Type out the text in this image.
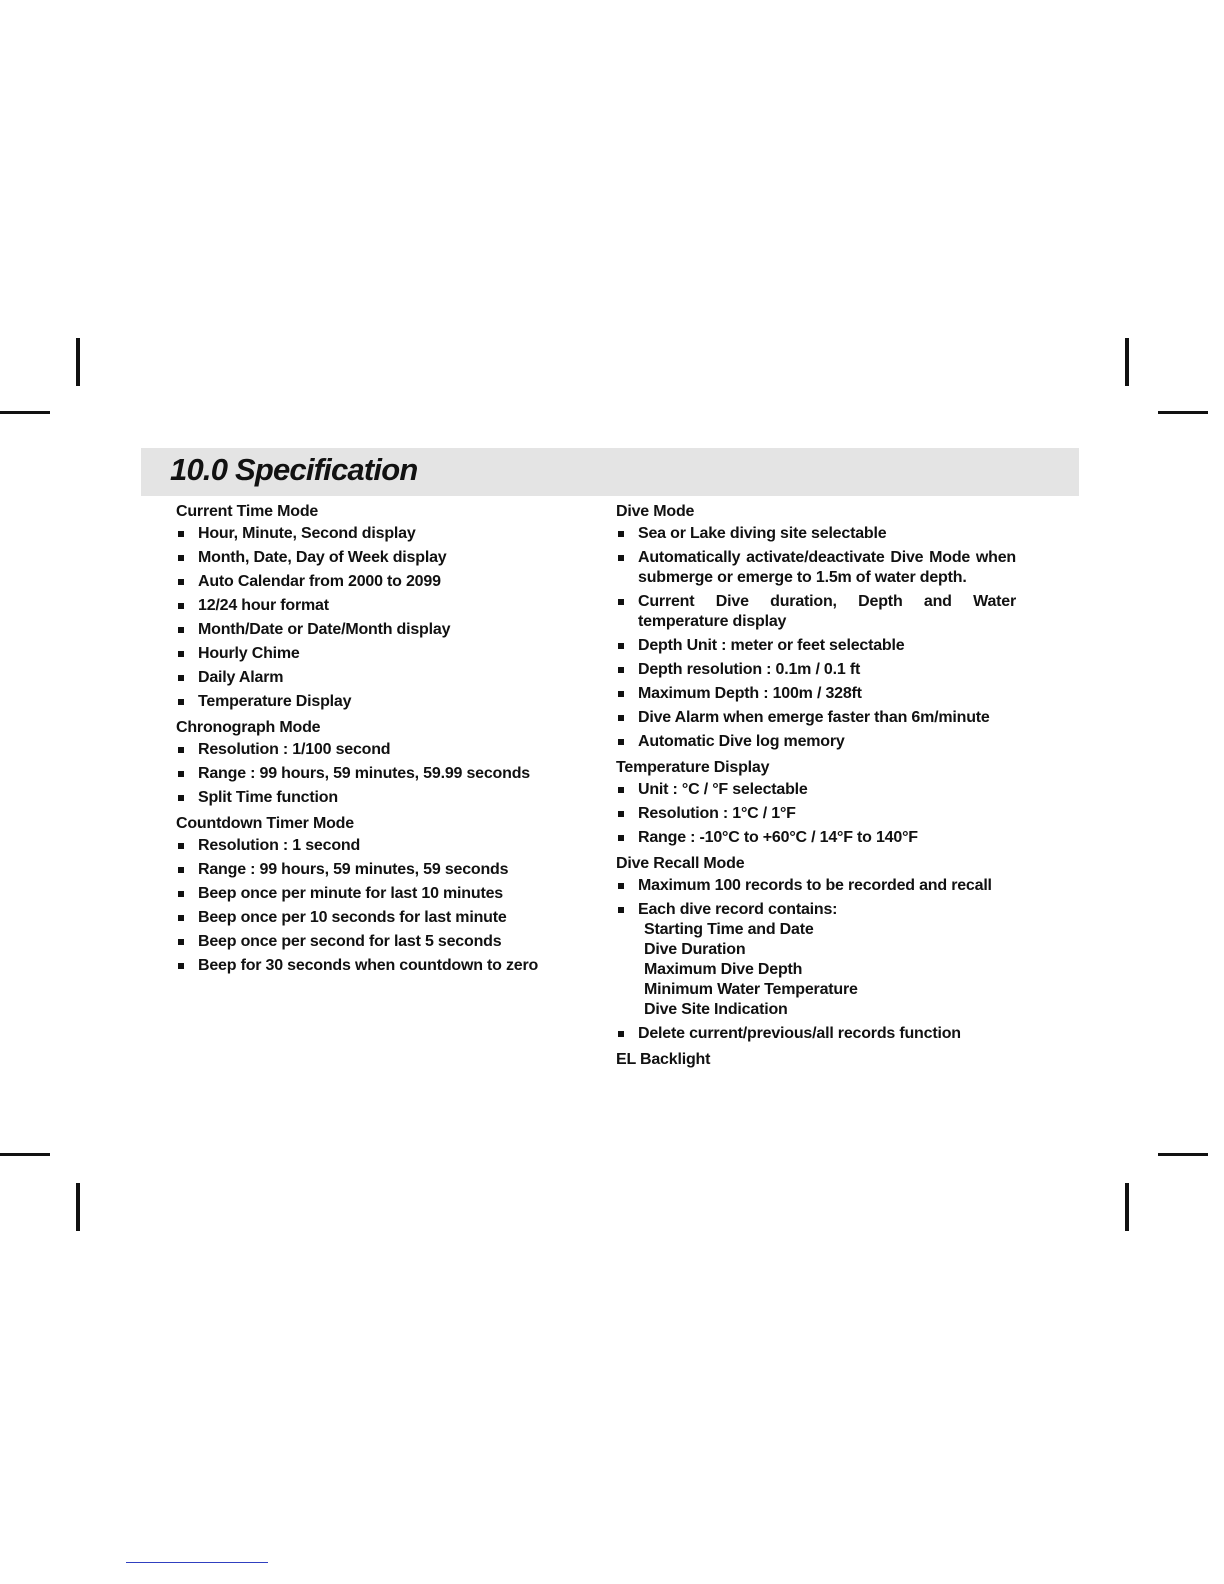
10.0 Specification
Current Time Mode
Hour, Minute, Second display
Month, Date, Day of Week display
Auto Calendar from 2000 to 2099
12/24 hour format
Month/Date or Date/Month display
Hourly Chime
Daily Alarm
Temperature Display
Chronograph Mode
Resolution : 1/100 second
Range : 99 hours, 59 minutes, 59.99 seconds
Split Time function
Countdown Timer Mode
Resolution : 1 second
Range : 99 hours, 59 minutes, 59 seconds
Beep once per minute for last 10 minutes
Beep once per 10 seconds for last minute
Beep once per second for last 5 seconds
Beep for 30 seconds when countdown to zero
Dive Mode
Sea or Lake diving site selectable
Automatically activate/deactivate Dive Mode when submerge or emerge to 1.5m of water depth.
Current Dive duration, Depth and Water temperature display
Depth Unit : meter or feet selectable
Depth resolution : 0.1m / 0.1 ft
Maximum Depth : 100m / 328ft
Dive Alarm when emerge faster than 6m/minute
Automatic Dive log memory
Temperature Display
Unit : °C / °F selectable
Resolution : 1°C / 1°F
Range : -10°C to +60°C / 14°F to 140°F
Dive Recall Mode
Maximum 100 records to be recorded and recall
Each dive record contains:
Starting Time and Date
Dive Duration
Maximum Dive Depth
Minimum Water Temperature
Dive Site Indication
Delete current/previous/all records function
EL Backlight
